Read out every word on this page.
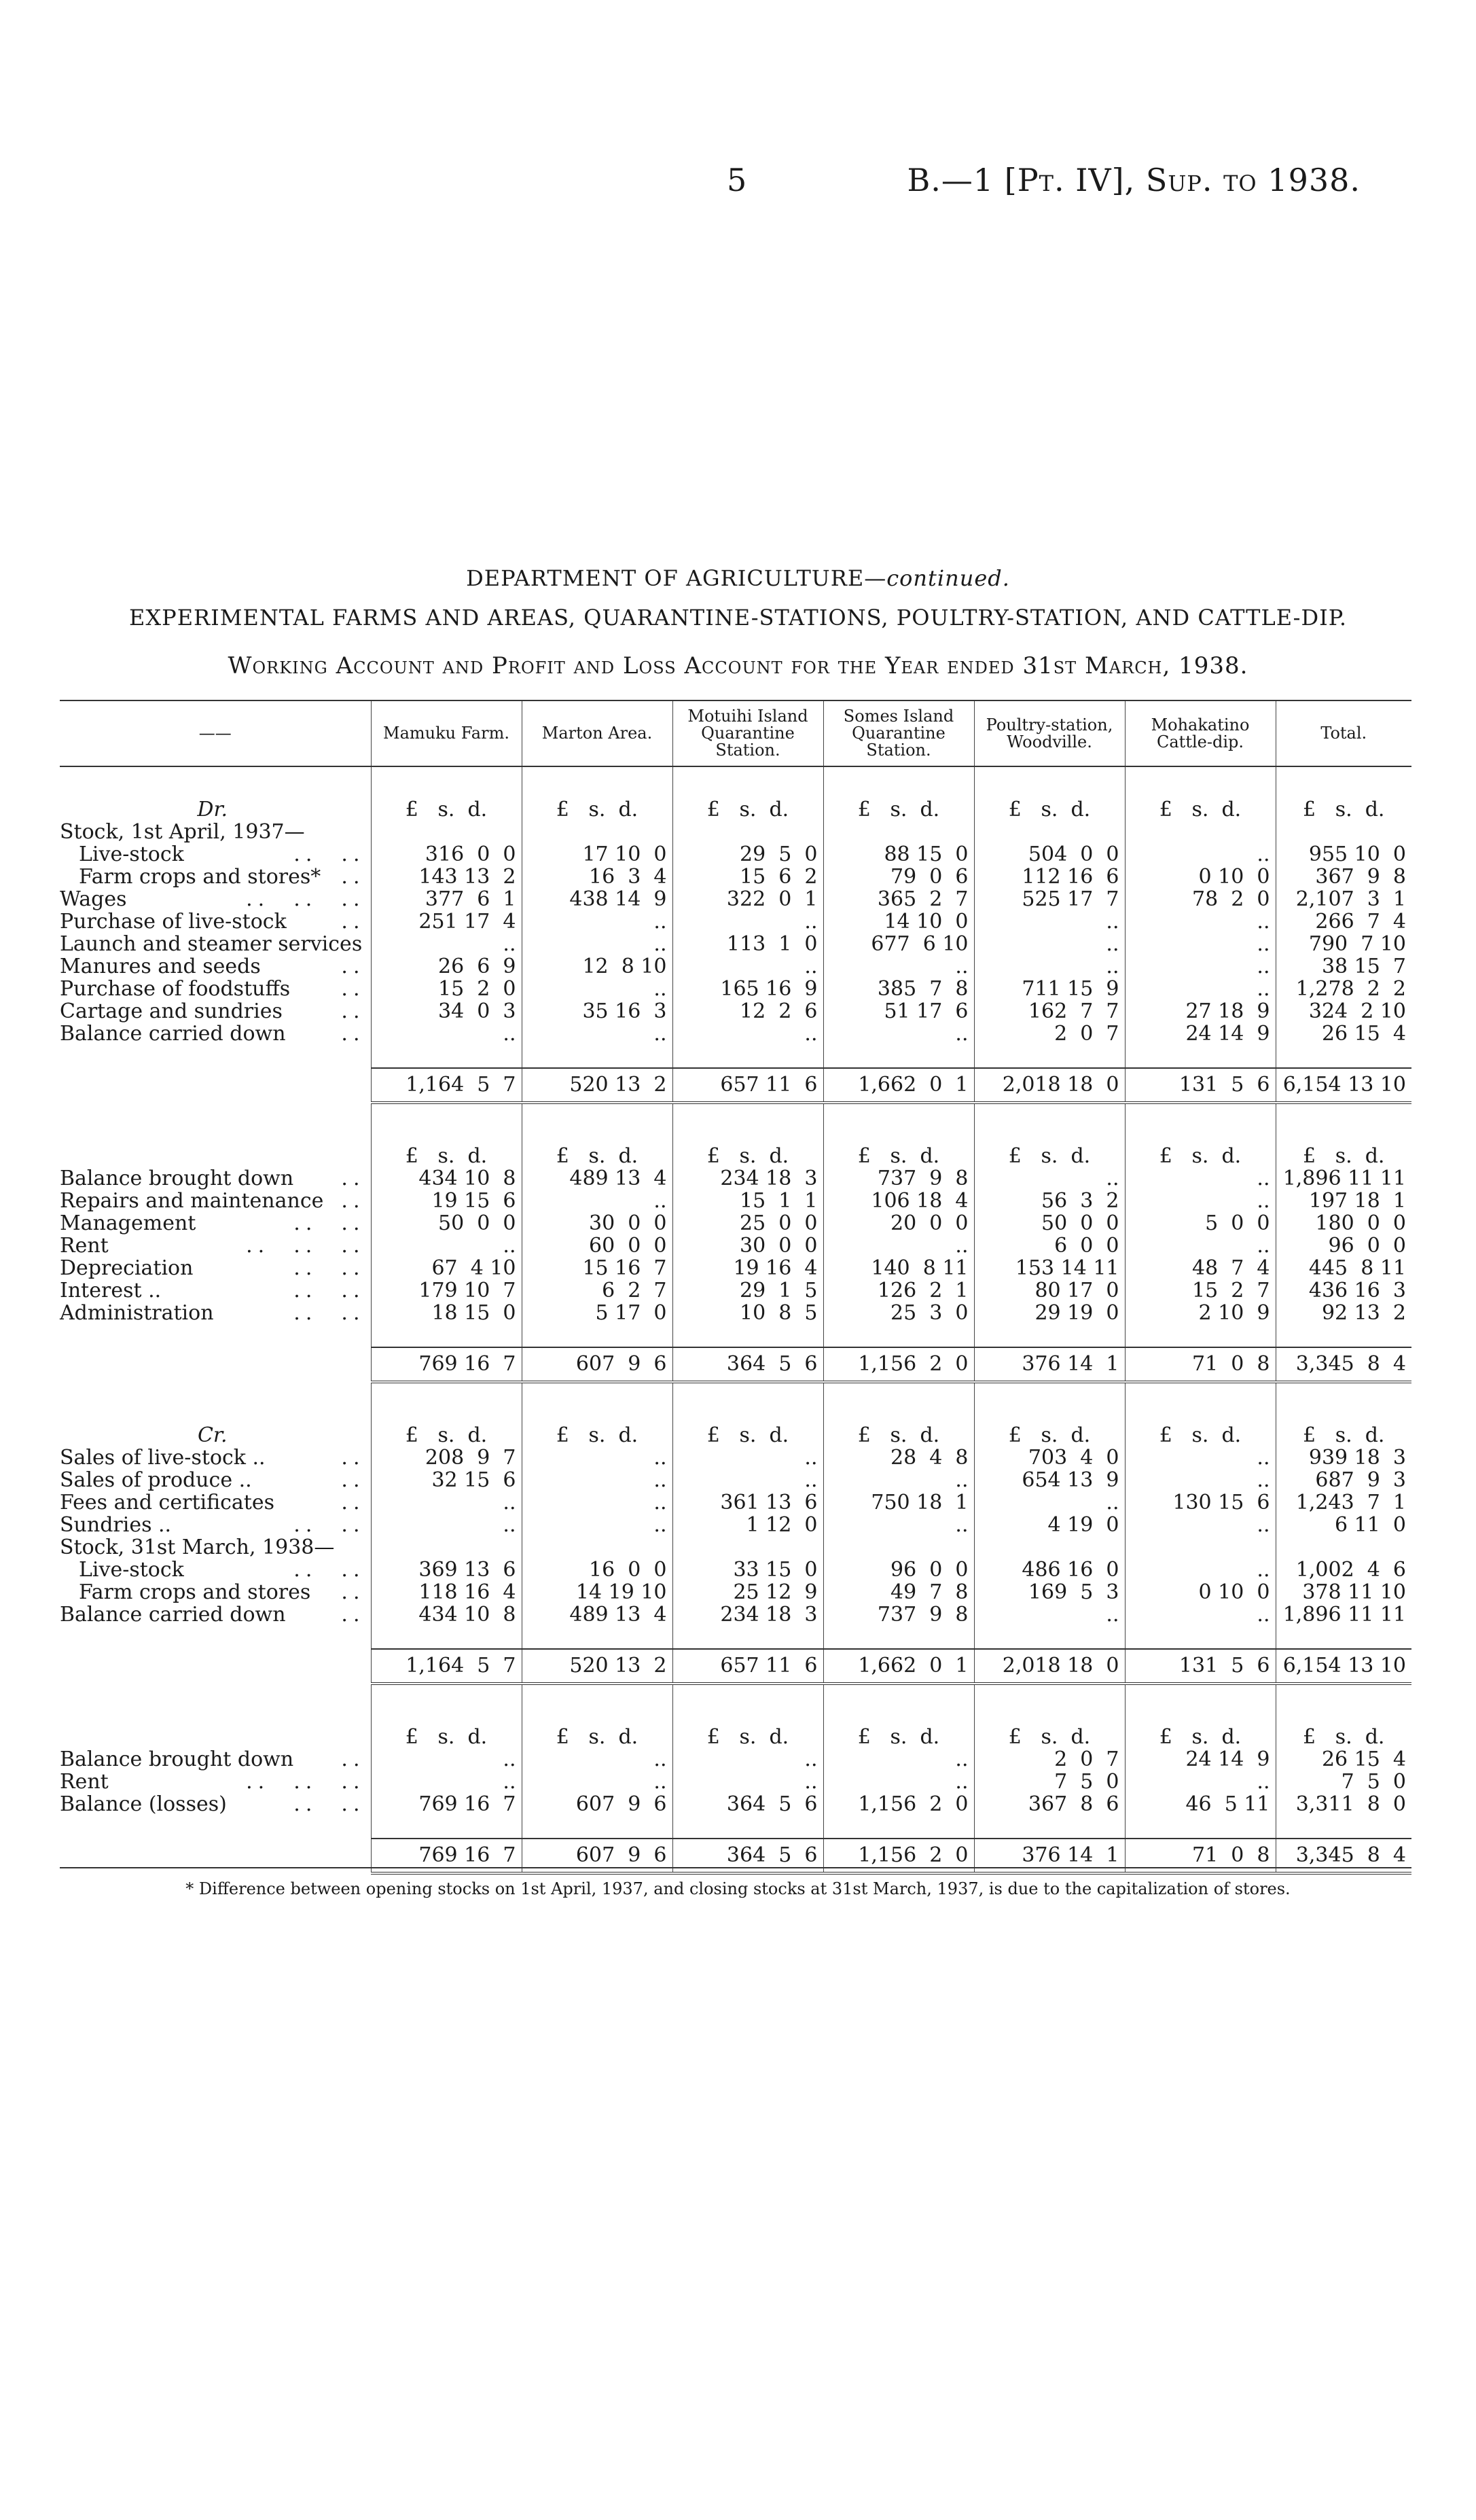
5	B.—1 [Pt. IV], Sup. to 1938.
DEPARTMENT OF AGRICULTURE—continued.
EXPERIMENTAL FARMS AND AREAS, QUARANTINE-STATIONS, POULTRY-STATION, AND CATTLE-DIP.
Working Account and Profit and Loss Account for the Year ended 31st March, 1938.
——	Mamuku Farm.	Marton Area.	Motuihi Island Quarantine Station.	Somes Island Quarantine Station.	Poultry-station, Woodville.	Mohakatino Cattle-dip.	Total.

Dr.	£   s.  d.	£   s.  d.	£   s.  d.	£   s.  d.	£   s.  d.	£   s.  d.	£   s.  d.

Stock, 1st April, 1937—							

..  ..
Live-stock	316  0  0	17 10  0	29  5  0	88 15  0	504  0  0	..	955 10  0

..
Farm crops and stores*	143 13  2	16  3  4	15  6  2	79  0  6	112 16  6	0 10  0	367  9  8

..  ..  ..
Wages	377  6  1	438 14  9	322  0  1	365  2  7	525 17  7	78  2  0	2,107  3  1

..
Purchase of live-stock	251 17  4	..	..	14 10  0	..	..	266  7  4

Launch and steamer services	..	..	113  1  0	677  6 10	..	..	790  7 10

..
Manures and seeds	26  6  9	12  8 10	..	..	..	..	38 15  7

..
Purchase of foodstuffs	15  2  0	..	165 16  9	385  7  8	711 15  9	..	1,278  2  2

..
Cartage and sundries	34  0  3	35 16  3	12  2  6	51 17  6	162  7  7	27 18  9	324  2 10

..
Balance carried down	..	..	..	..	2  0  7	24 14  9	26 15  4

	1,164  5  7	520 13  2	657 11  6	1,662  0  1	2,018 18  0	131  5  6	6,154 13 10

	£   s.  d.	£   s.  d.	£   s.  d.	£   s.  d.	£   s.  d.	£   s.  d.	£   s.  d.

..
Balance brought down	434 10  8	489 13  4	234 18  3	737  9  8	..	..	1,896 11 11

..
Repairs and maintenance	19 15  6	..	15  1  1	106 18  4	56  3  2	..	197 18  1

..  ..
Management	50  0  0	30  0  0	25  0  0	20  0  0	50  0  0	5  0  0	180  0  0

..  ..  ..
Rent	..	60  0  0	30  0  0	..	6  0  0	..	96  0  0

..  ..
Depreciation	67  4 10	15 16  7	19 16  4	140  8 11	153 14 11	48  7  4	445  8 11

..  ..
Interest ..	179 10  7	6  2  7	29  1  5	126  2  1	80 17  0	15  2  7	436 16  3

..  ..
Administration	18 15  0	5 17  0	10  8  5	25  3  0	29 19  0	2 10  9	92 13  2

	769 16  7	607  9  6	364  5  6	1,156  2  0	376 14  1	71  0  8	3,345  8  4

Cr.	£   s.  d.	£   s.  d.	£   s.  d.	£   s.  d.	£   s.  d.	£   s.  d.	£   s.  d.

..
Sales of live-stock ..	208  9  7	..	..	28  4  8	703  4  0	..	939 18  3

..
Sales of produce ..	32 15  6	..	..	..	654 13  9	..	687  9  3

..
Fees and certificates	..	..	361 13  6	750 18  1	..	130 15  6	1,243  7  1

..  ..
Sundries ..	..	..	1 12  0	..	4 19  0	..	6 11  0

Stock, 31st March, 1938—							

..  ..
Live-stock	369 13  6	16  0  0	33 15  0	96  0  0	486 16  0	..	1,002  4  6

..
Farm crops and stores	118 16  4	14 19 10	25 12  9	49  7  8	169  5  3	0 10  0	378 11 10

..
Balance carried down	434 10  8	489 13  4	234 18  3	737  9  8	..	..	1,896 11 11

	1,164  5  7	520 13  2	657 11  6	1,662  0  1	2,018 18  0	131  5  6	6,154 13 10

	£   s.  d.	£   s.  d.	£   s.  d.	£   s.  d.	£   s.  d.	£   s.  d.	£   s.  d.

..
Balance brought down	..	..	..	..	2  0  7	24 14  9	26 15  4

..  ..  ..
Rent	..	..	..	..	7  5  0	..	7  5  0

..  ..
Balance (losses)	769 16  7	607  9  6	364  5  6	1,156  2  0	367  8  6	46  5 11	3,311  8  0

	769 16  7	607  9  6	364  5  6	1,156  2  0	376 14  1	71  0  8	3,345  8  4
* Difference between opening stocks on 1st April, 1937, and closing stocks at 31st March, 1937, is due to the capitalization of stores.
